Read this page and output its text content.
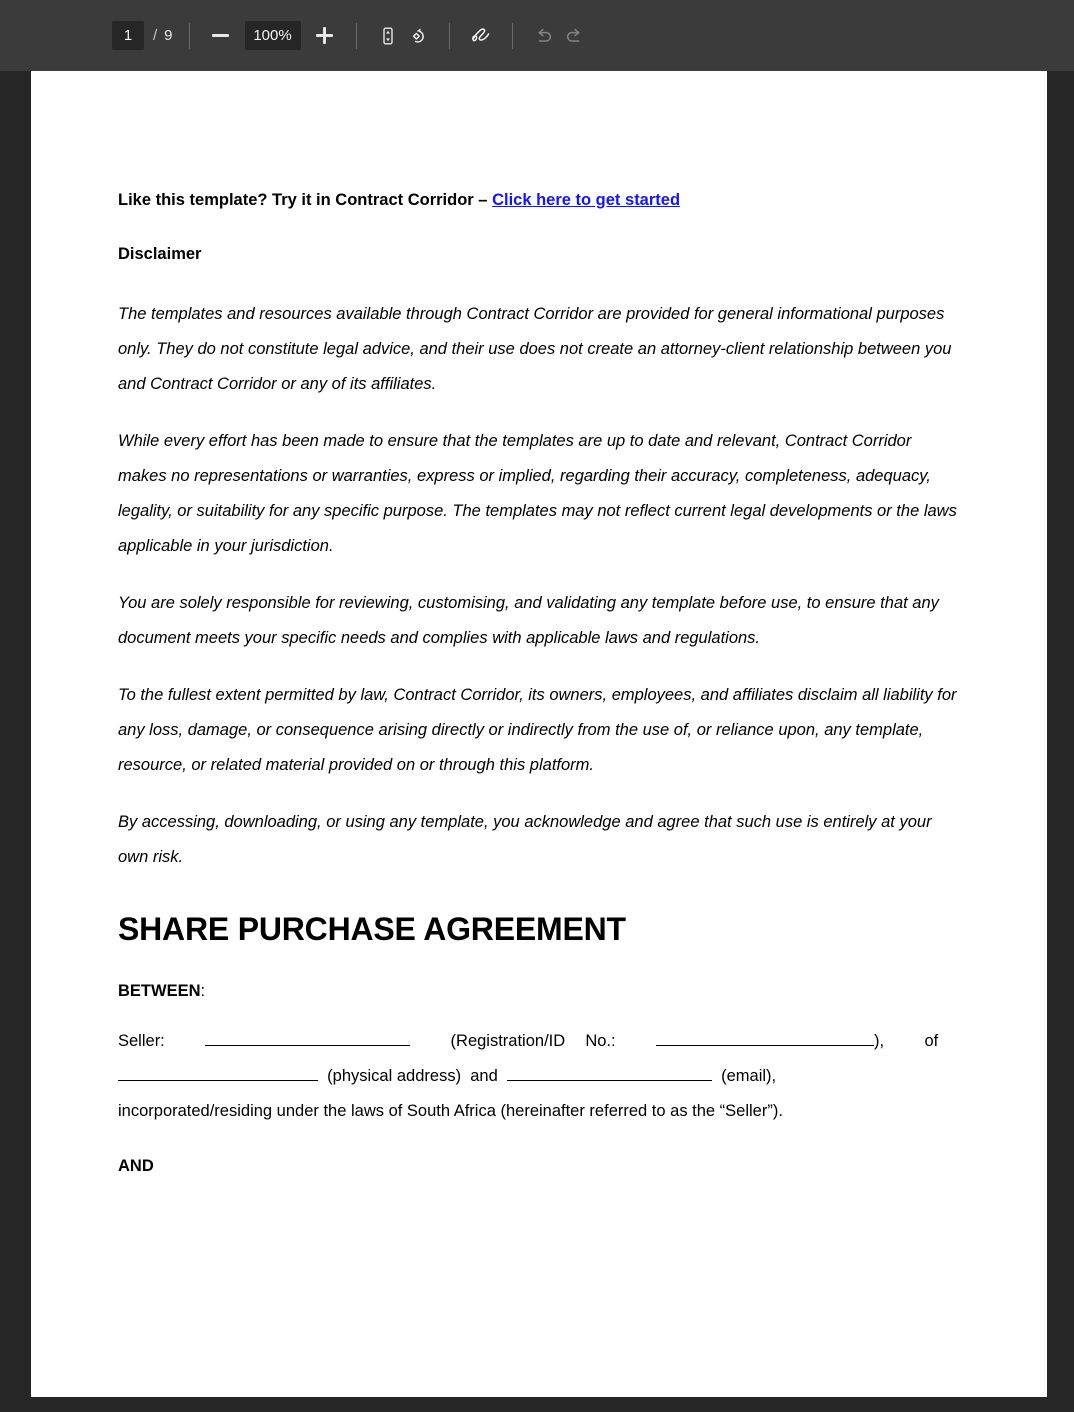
1	/ 9	100%

Like this template? Try it in Contract Corridor – Click here to get started

Disclaimer

The templates and resources available through Contract Corridor are provided for general informational purposes only. They do not constitute legal advice, and their use does not create an attorney-client relationship between you and Contract Corridor or any of its affiliates.

While every effort has been made to ensure that the templates are up to date and relevant, Contract Corridor makes no representations or warranties, express or implied, regarding their accuracy, completeness, adequacy, legality, or suitability for any specific purpose. The templates may not reflect current legal developments or the laws applicable in your jurisdiction.

You are solely responsible for reviewing, customising, and validating any template before use, to ensure that any document meets your specific needs and complies with applicable laws and regulations.

To the fullest extent permitted by law, Contract Corridor, its owners, employees, and affiliates disclaim all liability for any loss, damage, or consequence arising directly or indirectly from the use of, or reliance upon, any template, resource, or related material provided on or through this platform.

By accessing, downloading, or using any template, you acknowledge and agree that such use is entirely at your own risk.

SHARE PURCHASE AGREEMENT

BETWEEN:

Seller:	(Registration/ID No.:	), of    (physical address) and	(email),
incorporated/residing under the laws of South Africa (hereinafter referred to as the “Seller”).

AND
